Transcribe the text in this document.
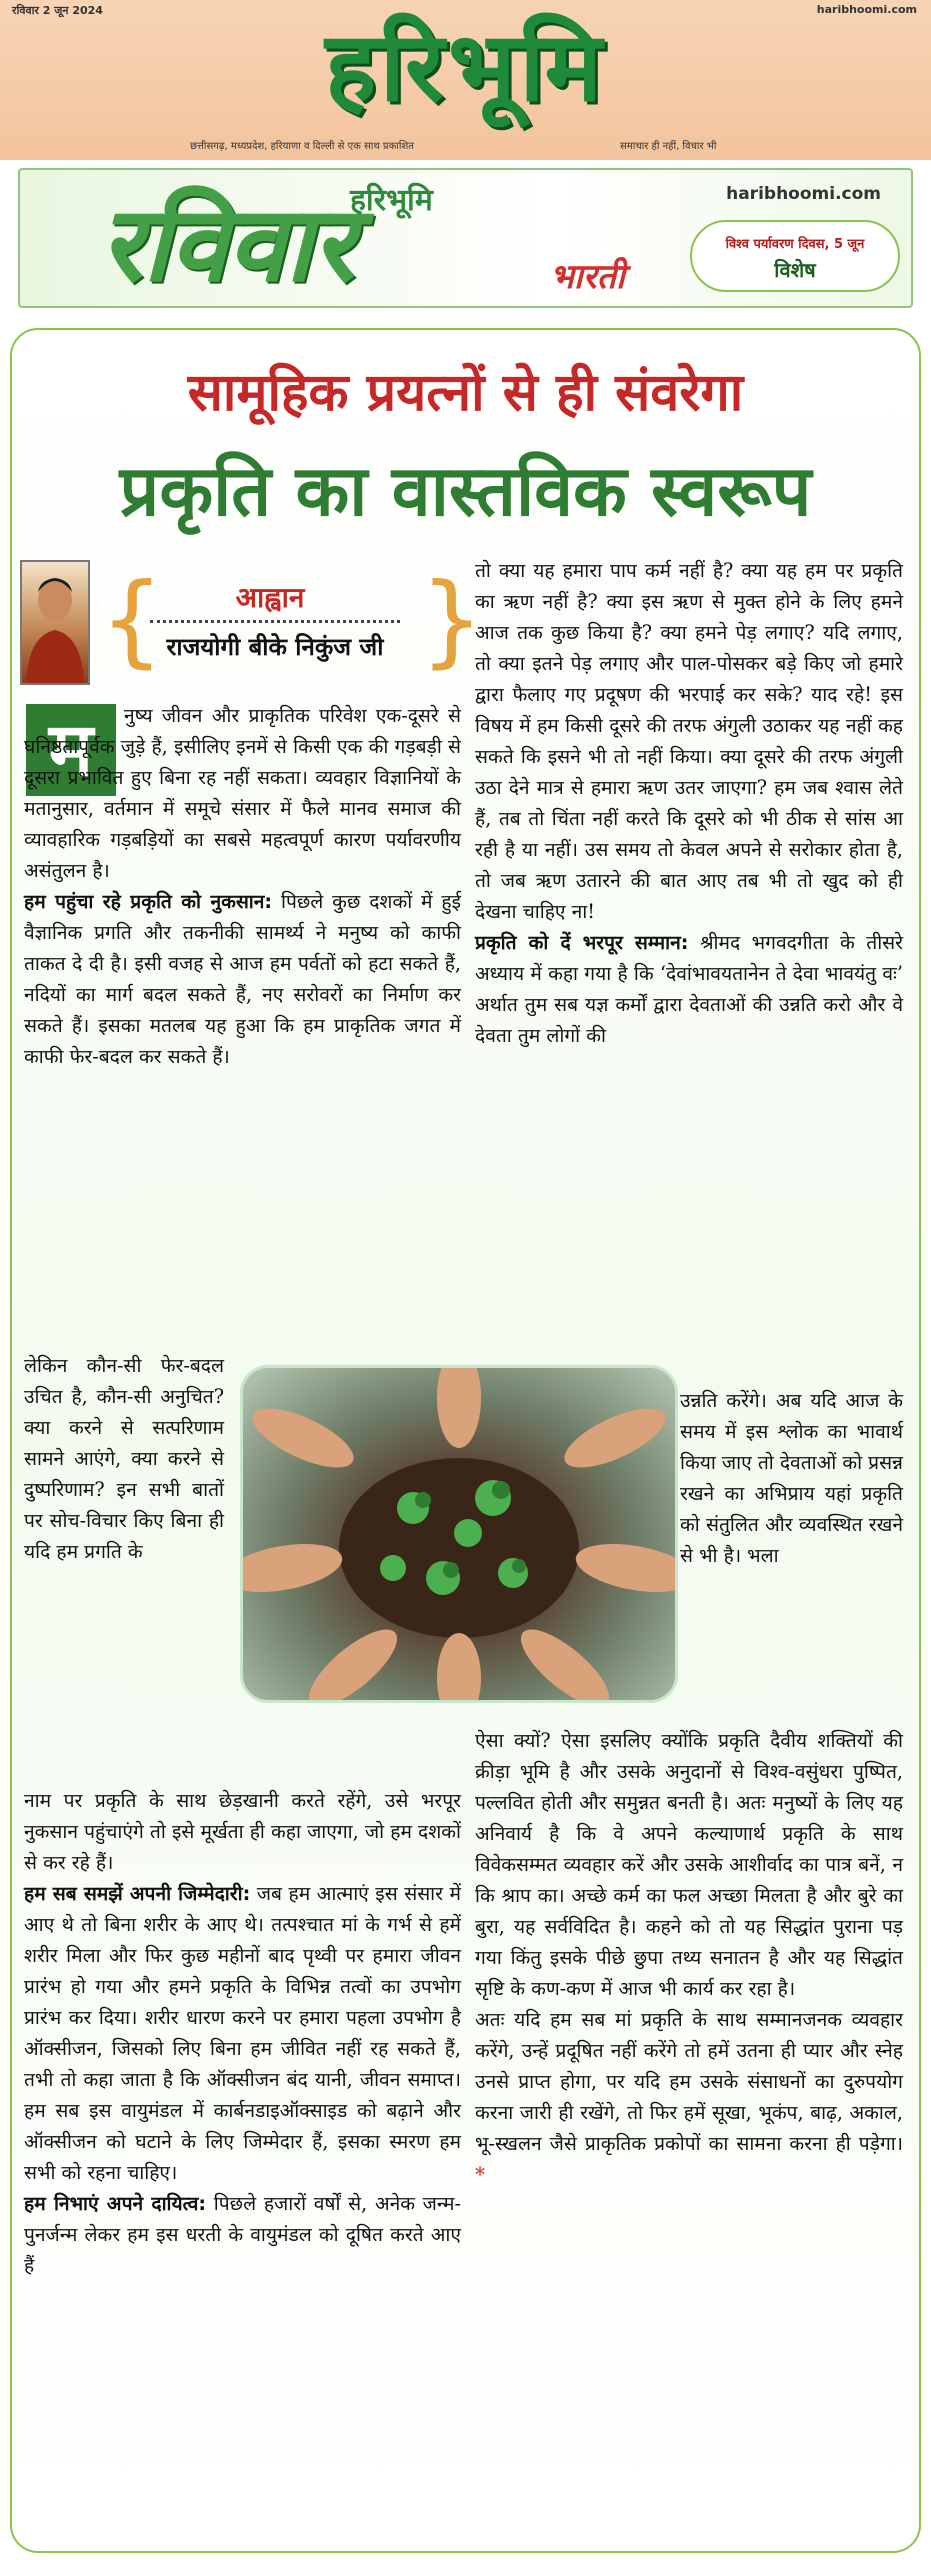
रविवार 2 जून 2024	haribhoomi.com
हरिभूमि
छत्तीसगढ़, मध्यप्रदेश, हरियाणा व दिल्ली से एक साथ प्रकाशित	समाचार ही नहीं, विचार भी
रविवार
हरिभूमि
भारती
haribhoomi.com
विश्व पर्यावरण दिवस, 5 जून
विशेष
सामूहिक प्रयत्नों से ही संवरेगा
प्रकृति का वास्तविक स्वरूप
{	आह्वान
राजयोगी बीके निकुंज जी }
म	नुष्य जीवन और प्राकृतिक परिवेश एक-दूसरे से घनिष्ठतापूर्वक जुड़े हैं, इसीलिए इनमें से किसी एक की गड़बड़ी से दूसरा प्रभावित हुए बिना रह नहीं सकता। व्यवहार विज्ञानियों के मतानुसार, वर्तमान में समूचे संसार में फैले मानव समाज की व्यावहारिक गड़बड़ियों का सबसे महत्वपूर्ण कारण पर्यावरणीय असंतुलन है।

हम पहुंचा रहे प्रकृति को नुकसान: पिछले कुछ दशकों में हुई वैज्ञानिक प्रगति और तकनीकी सामर्थ्य ने मनुष्य को काफी ताकत दे दी है। इसी वजह से आज हम पर्वतों को हटा सकते हैं, नदियों का मार्ग बदल सकते हैं, नए सरोवरों का निर्माण कर सकते हैं। इसका मतलब यह हुआ कि हम प्राकृतिक जगत में काफी फेर-बदल कर सकते हैं।

लेकिन कौन-सी फेर-बदल उचित है, कौन-सी अनुचित? क्या करने से सत्परिणाम सामने आएंगे, क्या करने से दुष्परिणाम? इन सभी बातों पर सोच-विचार किए बिना ही यदि हम प्रगति के

नाम पर प्रकृति के साथ छेड़खानी करते रहेंगे, उसे भरपूर नुकसान पहुंचाएंगे तो इसे मूर्खता ही कहा जाएगा, जो हम दशकों से कर रहे हैं।

हम सब समझें अपनी जिम्मेदारी: जब हम आत्माएं इस संसार में आए थे तो बिना शरीर के आए थे। तत्पश्चात मां के गर्भ से हमें शरीर मिला और फिर कुछ महीनों बाद पृथ्वी पर हमारा जीवन प्रारंभ हो गया और हमने प्रकृति के विभिन्न तत्वों का उपभोग प्रारंभ कर दिया। शरीर धारण करने पर हमारा पहला उपभोग है ऑक्सीजन, जिसको लिए बिना हम जीवित नहीं रह सकते हैं, तभी तो कहा जाता है कि ऑक्सीजन बंद यानी, जीवन समाप्त। हम सब इस वायुमंडल में कार्बनडाइऑक्साइड को बढ़ाने और ऑक्सीजन को घटाने के लिए जिम्मेदार हैं, इसका स्मरण हम सभी को रहना चाहिए।

हम निभाएं अपने दायित्व: पिछले हजारों वर्षों से, अनेक जन्म-पुनर्जन्म लेकर हम इस धरती के वायुमंडल को दूषित करते आए हैं

तो क्या यह हमारा पाप कर्म नहीं है? क्या यह हम पर प्रकृति का ऋण नहीं है? क्या इस ऋण से मुक्त होने के लिए हमने आज तक कुछ किया है? क्या हमने पेड़ लगाए? यदि लगाए, तो क्या इतने पेड़ लगाए और पाल-पोसकर बड़े किए जो हमारे द्वारा फैलाए गए प्रदूषण की भरपाई कर सके? याद रहे! इस विषय में हम किसी दूसरे की तरफ अंगुली उठाकर यह नहीं कह सकते कि इसने भी तो नहीं किया। क्या दूसरे की तरफ अंगुली उठा देने मात्र से हमारा ऋण उतर जाएगा? हम जब श्वास लेते हैं, तब तो चिंता नहीं करते कि दूसरे को भी ठीक से सांस आ रही है या नहीं। उस समय तो केवल अपने से सरोकार होता है, तो जब ऋण उतारने की बात आए तब भी तो खुद को ही देखना चाहिए ना!

प्रकृति को दें भरपूर सम्मान: श्रीमद भगवदगीता के तीसरे अध्याय में कहा गया है कि ‘देवांभावयतानेन ते देवा भावयंतु वः’ अर्थात तुम सब यज्ञ कर्मों द्वारा देवताओं की उन्नति करो और वे देवता तुम लोगों की

उन्नति करेंगे। अब यदि आज के समय में इस श्लोक का भावार्थ किया जाए तो देवताओं को प्रसन्न रखने का अभिप्राय यहां प्रकृति को संतुलित और व्यवस्थित रखने से भी है। भला

ऐसा क्यों? ऐसा इसलिए क्योंकि प्रकृति दैवीय शक्तियों की क्रीड़ा भूमि है और उसके अनुदानों से विश्व-वसुंधरा पुष्पित, पल्लवित होती और समुन्नत बनती है। अतः मनुष्यों के लिए यह अनिवार्य है कि वे अपने कल्याणार्थ प्रकृति के साथ विवेकसम्मत व्यवहार करें और उसके आशीर्वाद का पात्र बनें, न कि श्राप का। अच्छे कर्म का फल अच्छा मिलता है और बुरे का बुरा, यह सर्वविदित है। कहने को तो यह सिद्धांत पुराना पड़ गया किंतु इसके पीछे छुपा तथ्य सनातन है और यह सिद्धांत सृष्टि के कण-कण में आज भी कार्य कर रहा है।

अतः यदि हम सब मां प्रकृति के साथ सम्मानजनक व्यवहार करेंगे, उन्हें प्रदूषित नहीं करेंगे तो हमें उतना ही प्यार और स्नेह उनसे प्राप्त होगा, पर यदि हम उसके संसाधनों का दुरुपयोग करना जारी ही रखेंगे, तो फिर हमें सूखा, भूकंप, बाढ़, अकाल, भू-स्खलन जैसे प्राकृतिक प्रकोपों का सामना करना ही पड़ेगा। *
